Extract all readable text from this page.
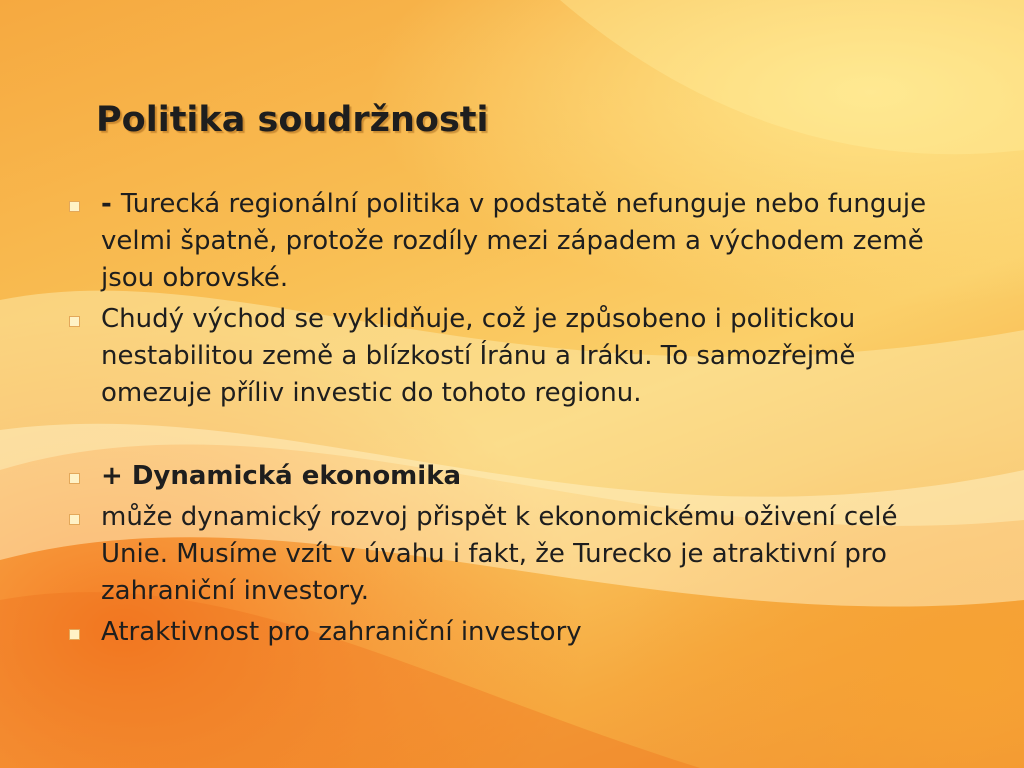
Politika soudržnosti
- Turecká regionální politika v podstatě nefunguje nebo funguje velmi špatně, protože rozdíly mezi západem a východem země jsou obrovské.
Chudý východ se vyklidňuje, což je způsobeno i politickou nestabilitou země a blízkostí Íránu a Iráku. To samozřejmě omezuje příliv investic do tohoto regionu.
+ Dynamická ekonomika
může dynamický rozvoj přispět k ekonomickému oživení celé Unie. Musíme vzít v úvahu i fakt, že Turecko je atraktivní pro zahraniční investory.
Atraktivnost pro zahraniční investory
